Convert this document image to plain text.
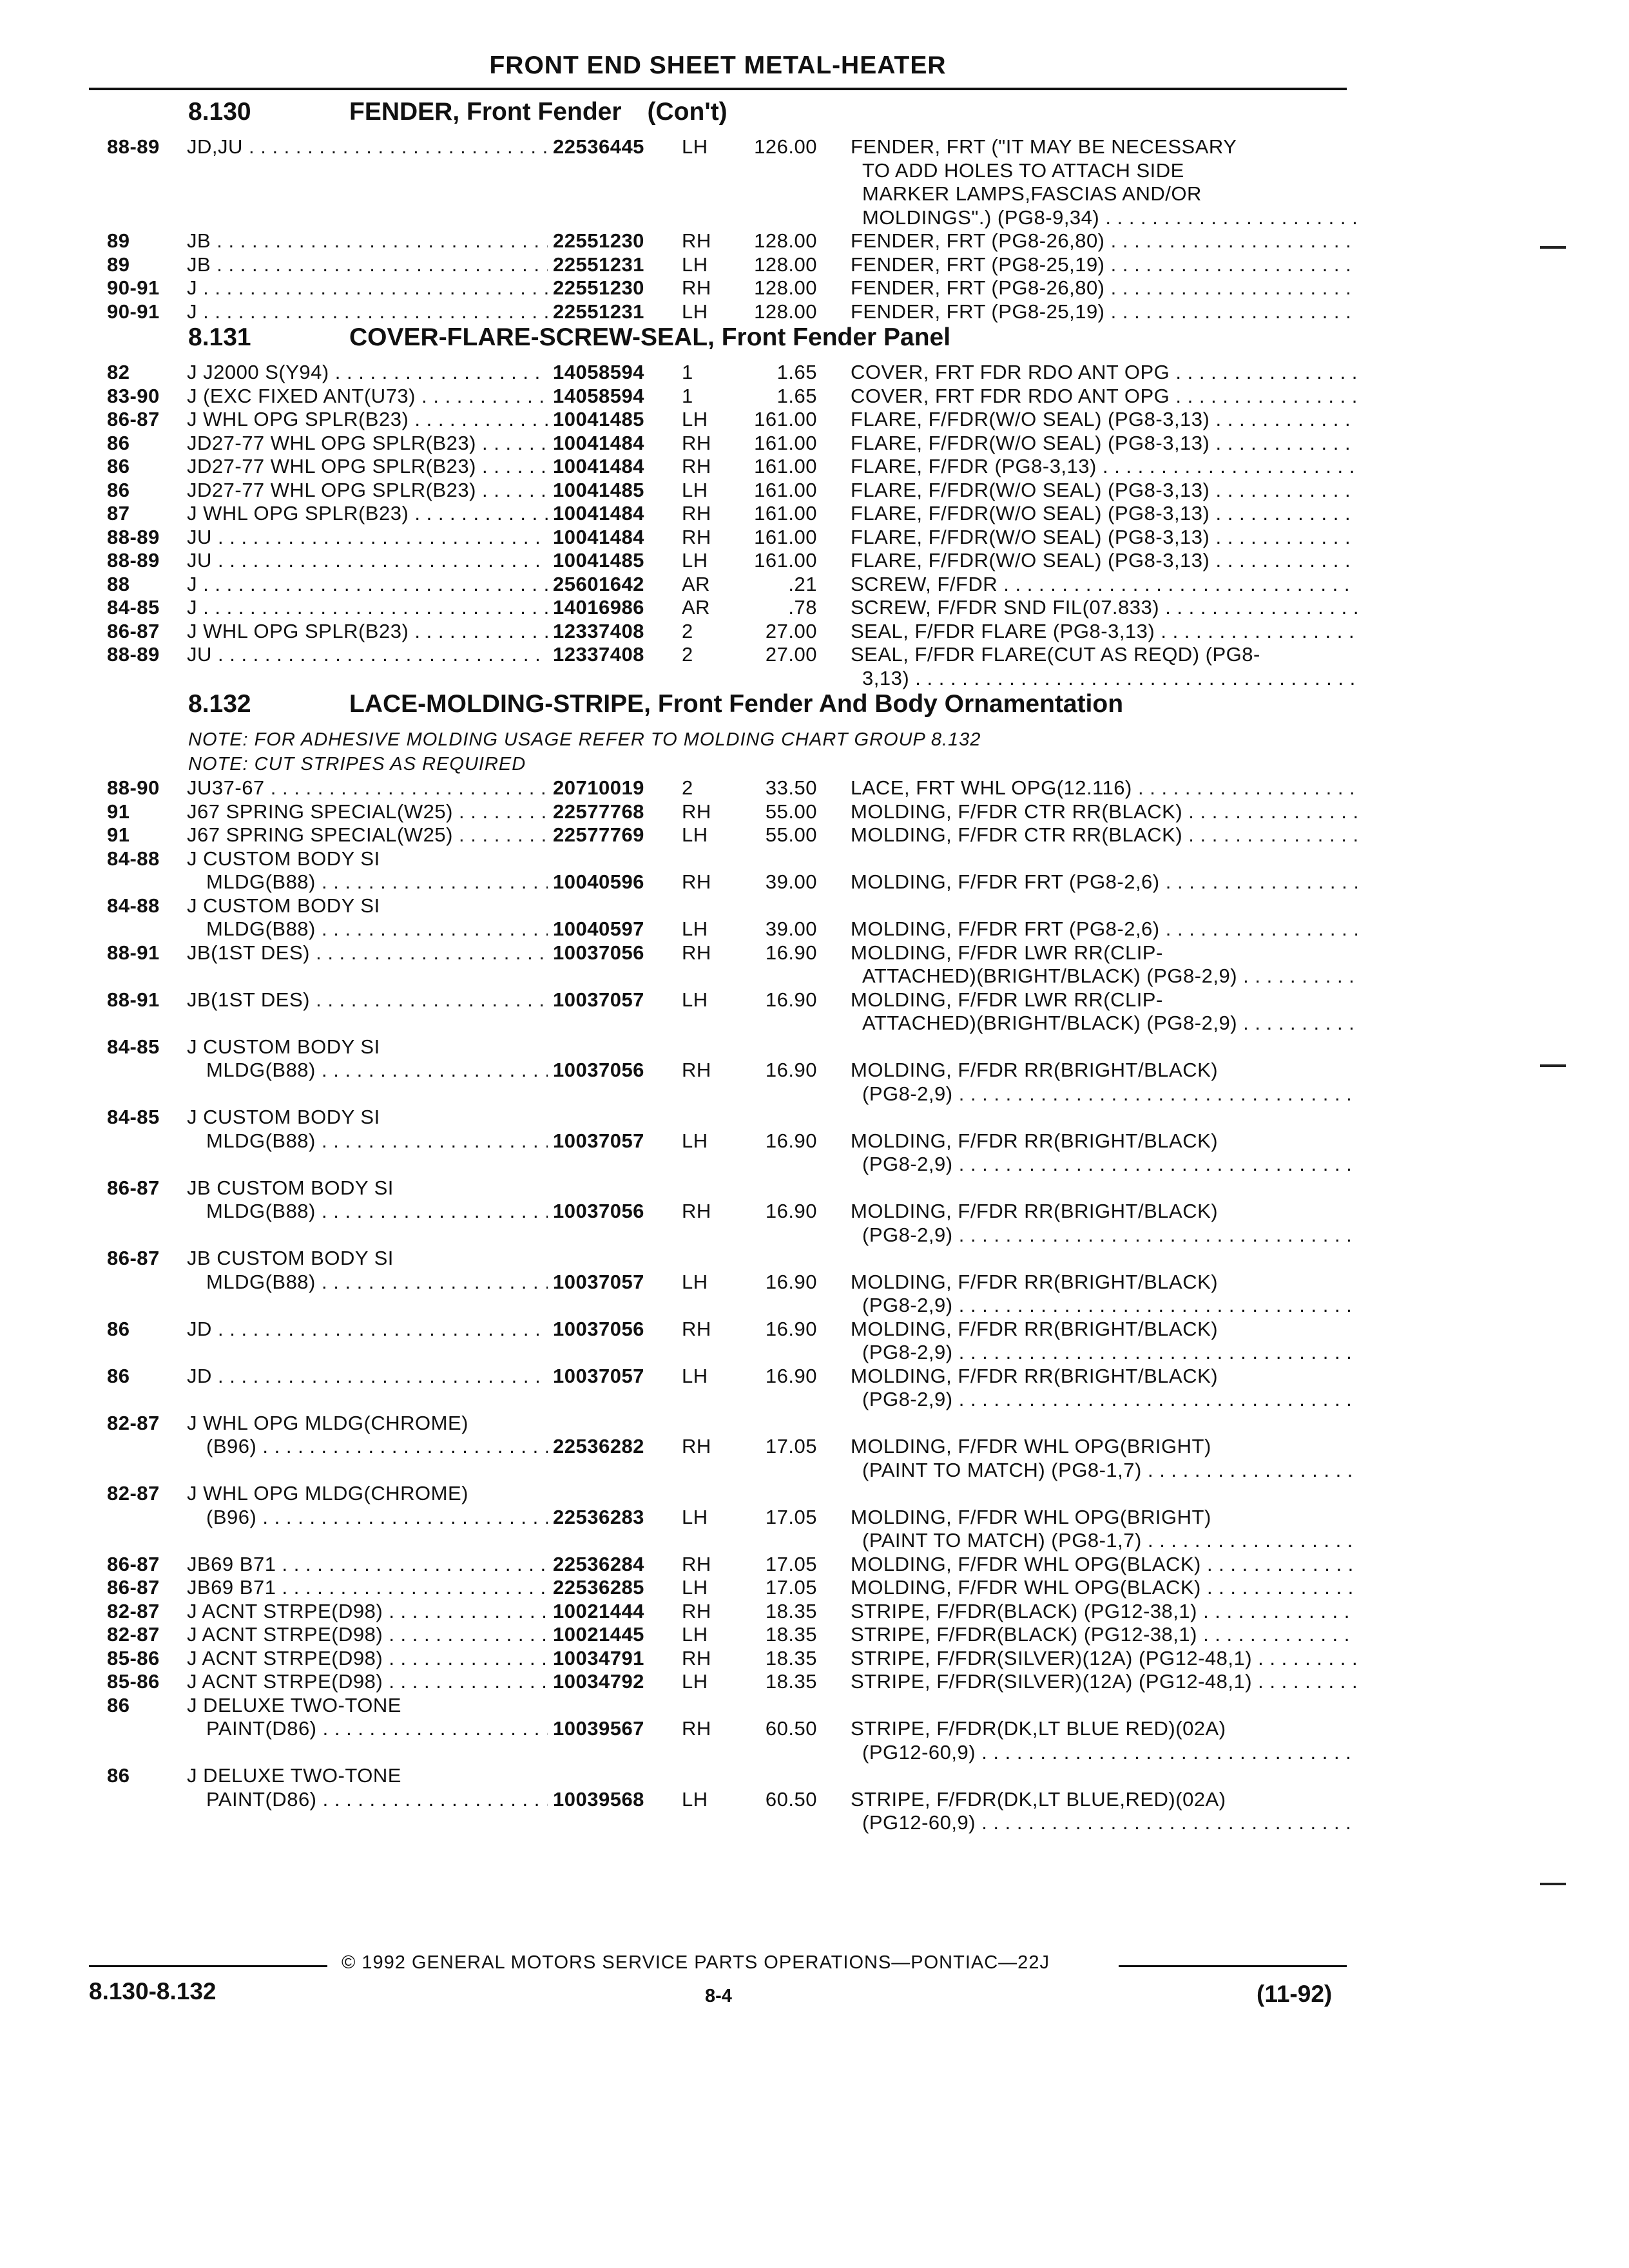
FRONT END SHEET METAL-HEATER
8.130	FENDER, Front Fender (Con't)
88-89	JD,JU . . .	22536445	LH	126.00	FENDER, FRT ("IT MAY BE NECESSARY
TO ADD HOLES TO ATTACH SIDE
MARKER LAMPS,FASCIAS AND/OR
MOLDINGS".) (PG8-9,34) . . .
89	JB . . .	22551230	RH	128.00	FENDER, FRT (PG8-26,80) . . .
89	JB . . .	22551231	LH	128.00	FENDER, FRT (PG8-25,19) . . .
90-91	J . . .	22551230	RH	128.00	FENDER, FRT (PG8-26,80) . . .
90-91	J . . .	22551231	LH	128.00	FENDER, FRT (PG8-25,19) . . .
8.131	COVER-FLARE-SCREW-SEAL, Front Fender Panel
82	J J2000 S(Y94) . . .	14058594	1	1.65	COVER, FRT FDR RDO ANT OPG . . .
83-90	J (EXC FIXED ANT(U73) . . .	14058594	1	1.65	COVER, FRT FDR RDO ANT OPG . . .
86-87	J WHL OPG SPLR(B23) . . .	10041485	LH	161.00	FLARE, F/FDR(W/O SEAL) (PG8-3,13) . . .
86	JD27-77 WHL OPG SPLR(B23) . . .	10041484	RH	161.00	FLARE, F/FDR(W/O SEAL) (PG8-3,13) . . .
86	JD27-77 WHL OPG SPLR(B23) . . .	10041484	RH	161.00	FLARE, F/FDR (PG8-3,13) . . .
86	JD27-77 WHL OPG SPLR(B23) . . .	10041485	LH	161.00	FLARE, F/FDR(W/O SEAL) (PG8-3,13) . . .
87	J WHL OPG SPLR(B23) . . .	10041484	RH	161.00	FLARE, F/FDR(W/O SEAL) (PG8-3,13) . . .
88-89	JU . . .	10041484	RH	161.00	FLARE, F/FDR(W/O SEAL) (PG8-3,13) . . .
88-89	JU . . .	10041485	LH	161.00	FLARE, F/FDR(W/O SEAL) (PG8-3,13) . . .
88	J . . .	25601642	AR	.21	SCREW, F/FDR . . .
84-85	J . . .	14016986	AR	.78	SCREW, F/FDR SND FIL(07.833) . . .
86-87	J WHL OPG SPLR(B23) . . .	12337408	2	27.00	SEAL, F/FDR FLARE (PG8-3,13) . . .
88-89	JU . . .	12337408	2	27.00	SEAL, F/FDR FLARE(CUT AS REQD) (PG8-
3,13) . . .
8.132	LACE-MOLDING-STRIPE, Front Fender And Body Ornamentation
NOTE: FOR ADHESIVE MOLDING USAGE REFER TO MOLDING CHART GROUP 8.132
NOTE: CUT STRIPES AS REQUIRED
88-90	JU37-67 . . .	20710019	2	33.50	LACE, FRT WHL OPG(12.116) . . .
91	J67 SPRING SPECIAL(W25) . . .	22577768	RH	55.00	MOLDING, F/FDR CTR RR(BLACK) . . .
91	J67 SPRING SPECIAL(W25) . . .	22577769	LH	55.00	MOLDING, F/FDR CTR RR(BLACK) . . .
84-88	J CUSTOM BODY SI
MLDG(B88) . . .	10040596	RH	39.00	MOLDING, F/FDR FRT (PG8-2,6) . . .
84-88	J CUSTOM BODY SI
MLDG(B88) . . .	10040597	LH	39.00	MOLDING, F/FDR FRT (PG8-2,6) . . .
88-91	JB(1ST DES) . . .	10037056	RH	16.90	MOLDING, F/FDR LWR RR(CLIP-
ATTACHED)(BRIGHT/BLACK) (PG8-2,9) . . .
88-91	JB(1ST DES) . . .	10037057	LH	16.90	MOLDING, F/FDR LWR RR(CLIP-
ATTACHED)(BRIGHT/BLACK) (PG8-2,9) . . .
84-85	J CUSTOM BODY SI
MLDG(B88) . . .	10037056	RH	16.90	MOLDING, F/FDR RR(BRIGHT/BLACK)
(PG8-2,9) . . .
84-85	J CUSTOM BODY SI
MLDG(B88) . . .	10037057	LH	16.90	MOLDING, F/FDR RR(BRIGHT/BLACK)
(PG8-2,9) . . .
86-87	JB CUSTOM BODY SI
MLDG(B88) . . .	10037056	RH	16.90	MOLDING, F/FDR RR(BRIGHT/BLACK)
(PG8-2,9) . . .
86-87	JB CUSTOM BODY SI
MLDG(B88) . . .	10037057	LH	16.90	MOLDING, F/FDR RR(BRIGHT/BLACK)
(PG8-2,9) . . .
86	JD . . .	10037056	RH	16.90	MOLDING, F/FDR RR(BRIGHT/BLACK)
(PG8-2,9) . . .
86	JD . . .	10037057	LH	16.90	MOLDING, F/FDR RR(BRIGHT/BLACK)
(PG8-2,9) . . .
82-87	J WHL OPG MLDG(CHROME)
(B96) . . .	22536282	RH	17.05	MOLDING, F/FDR WHL OPG(BRIGHT)
(PAINT TO MATCH) (PG8-1,7) . . .
82-87	J WHL OPG MLDG(CHROME)
(B96) . . .	22536283	LH	17.05	MOLDING, F/FDR WHL OPG(BRIGHT)
(PAINT TO MATCH) (PG8-1,7) . . .
86-87	JB69 B71 . . .	22536284	RH	17.05	MOLDING, F/FDR WHL OPG(BLACK) . . .
86-87	JB69 B71 . . .	22536285	LH	17.05	MOLDING, F/FDR WHL OPG(BLACK) . . .
82-87	J ACNT STRPE(D98) . . .	10021444	RH	18.35	STRIPE, F/FDR(BLACK) (PG12-38,1) . . .
82-87	J ACNT STRPE(D98) . . .	10021445	LH	18.35	STRIPE, F/FDR(BLACK) (PG12-38,1) . . .
85-86	J ACNT STRPE(D98) . . .	10034791	RH	18.35	STRIPE, F/FDR(SILVER)(12A) (PG12-48,1) . . .
85-86	J ACNT STRPE(D98) . . .	10034792	LH	18.35	STRIPE, F/FDR(SILVER)(12A) (PG12-48,1) . . .
86	J DELUXE TWO-TONE
PAINT(D86) . . .	10039567	RH	60.50	STRIPE, F/FDR(DK,LT BLUE RED)(02A)
(PG12-60,9) . . .
86	J DELUXE TWO-TONE
PAINT(D86) . . .	10039568	LH	60.50	STRIPE, F/FDR(DK,LT BLUE,RED)(02A)
(PG12-60,9) . . .
© 1992 GENERAL MOTORS SERVICE PARTS OPERATIONS—PONTIAC—22J
8.130-8.132	8-4	(11-92)
